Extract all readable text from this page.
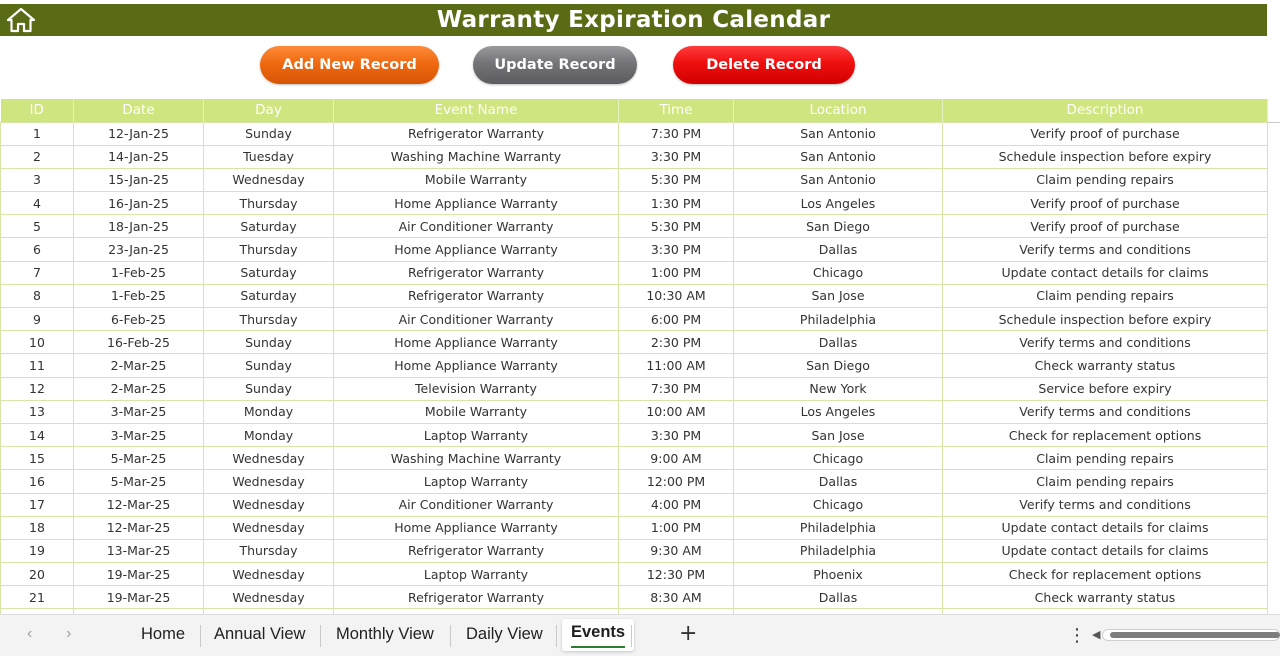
Warranty Expiration Calendar
Add New Record	Update Record	Delete Record
ID	Date	Day	Event Name	Time	Location	Description
1	12-Jan-25	Sunday	Refrigerator Warranty	7:30 PM	San Antonio	Verify proof of purchase
2	14-Jan-25	Tuesday	Washing Machine Warranty	3:30 PM	San Antonio	Schedule inspection before expiry
3	15-Jan-25	Wednesday	Mobile Warranty	5:30 PM	San Antonio	Claim pending repairs
4	16-Jan-25	Thursday	Home Appliance Warranty	1:30 PM	Los Angeles	Verify proof of purchase
5	18-Jan-25	Saturday	Air Conditioner Warranty	5:30 PM	San Diego	Verify proof of purchase
6	23-Jan-25	Thursday	Home Appliance Warranty	3:30 PM	Dallas	Verify terms and conditions
7	1-Feb-25	Saturday	Refrigerator Warranty	1:00 PM	Chicago	Update contact details for claims
8	1-Feb-25	Saturday	Refrigerator Warranty	10:30 AM	San Jose	Claim pending repairs
9	6-Feb-25	Thursday	Air Conditioner Warranty	6:00 PM	Philadelphia	Schedule inspection before expiry
10	16-Feb-25	Sunday	Home Appliance Warranty	2:30 PM	Dallas	Verify terms and conditions
11	2-Mar-25	Sunday	Home Appliance Warranty	11:00 AM	San Diego	Check warranty status
12	2-Mar-25	Sunday	Television Warranty	7:30 PM	New York	Service before expiry
13	3-Mar-25	Monday	Mobile Warranty	10:00 AM	Los Angeles	Verify terms and conditions
14	3-Mar-25	Monday	Laptop Warranty	3:30 PM	San Jose	Check for replacement options
15	5-Mar-25	Wednesday	Washing Machine Warranty	9:00 AM	Chicago	Claim pending repairs
16	5-Mar-25	Wednesday	Laptop Warranty	12:00 PM	Dallas	Claim pending repairs
17	12-Mar-25	Wednesday	Air Conditioner Warranty	4:00 PM	Chicago	Verify terms and conditions
18	12-Mar-25	Wednesday	Home Appliance Warranty	1:00 PM	Philadelphia	Update contact details for claims
19	13-Mar-25	Thursday	Refrigerator Warranty	9:30 AM	Philadelphia	Update contact details for claims
20	19-Mar-25	Wednesday	Laptop Warranty	12:30 PM	Phoenix	Check for replacement options
21	19-Mar-25	Wednesday	Refrigerator Warranty	8:30 AM	Dallas	Check warranty status

‹ ›	Home Annual View Monthly View Daily View	Events	+	⋮ ◀
